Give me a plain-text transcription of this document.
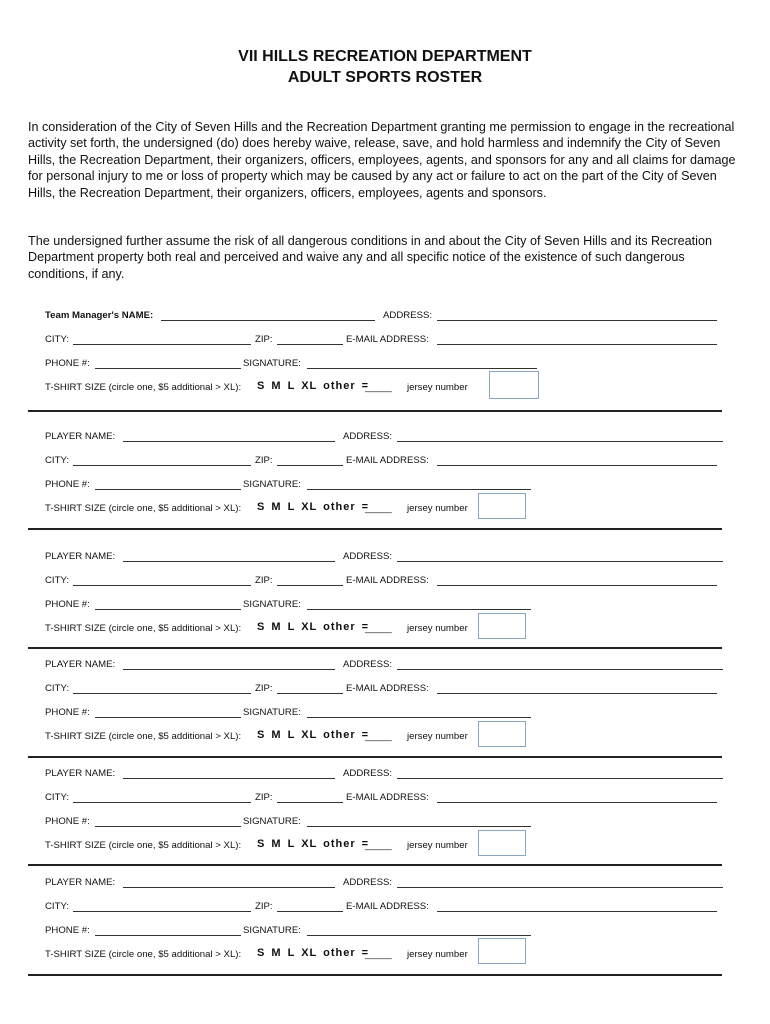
VII HILLS RECREATION DEPARTMENT
ADULT SPORTS ROSTER

In consideration of the City of Seven Hills and the Recreation Department granting me permission to engage in the recreational activity set forth, the undersigned (do) does hereby waive, release, save, and hold harmless and indemnify the City of Seven Hills, the Recreation Department, their organizers, officers, employees, agents, and sponsors for any and all claims for damage for personal injury to me or loss of property which may be caused by any act or failure to act on the part of the City of Seven Hills, the Recreation Department, their organizers, officers, employees, agents and sponsors.

The undersigned further assume the risk of all dangerous conditions in and about the City of Seven Hills and its Recreation Department property both real and perceived and waive any and all specific notice of the existence of such dangerous conditions, if any.

Team Manager's NAME:	ADDRESS:
CITY:	ZIP:	E-MAIL ADDRESS:
PHONE #:	SIGNATURE:
T-SHIRT SIZE (circle one, $5 additional > XL): S M L XL other =
_____ jersey number
PLAYER NAME:	ADDRESS:
CITY:	ZIP:	E-MAIL ADDRESS:
PHONE #:	SIGNATURE:
T-SHIRT SIZE (circle one, $5 additional > XL): S M L XL other =
_____ jersey number
PLAYER NAME:	ADDRESS:
CITY:	ZIP:	E-MAIL ADDRESS:
PHONE #:	SIGNATURE:
T-SHIRT SIZE (circle one, $5 additional > XL): S M L XL other =
_____ jersey number
PLAYER NAME:	ADDRESS:
CITY:	ZIP:	E-MAIL ADDRESS:
PHONE #:	SIGNATURE:
T-SHIRT SIZE (circle one, $5 additional > XL): S M L XL other =
_____ jersey number
PLAYER NAME:	ADDRESS:
CITY:	ZIP:	E-MAIL ADDRESS:
PHONE #:	SIGNATURE:
T-SHIRT SIZE (circle one, $5 additional > XL): S M L XL other =
_____ jersey number
PLAYER NAME:	ADDRESS:
CITY:	ZIP:	E-MAIL ADDRESS:
PHONE #:	SIGNATURE:
T-SHIRT SIZE (circle one, $5 additional > XL): S M L XL other =
_____ jersey number
